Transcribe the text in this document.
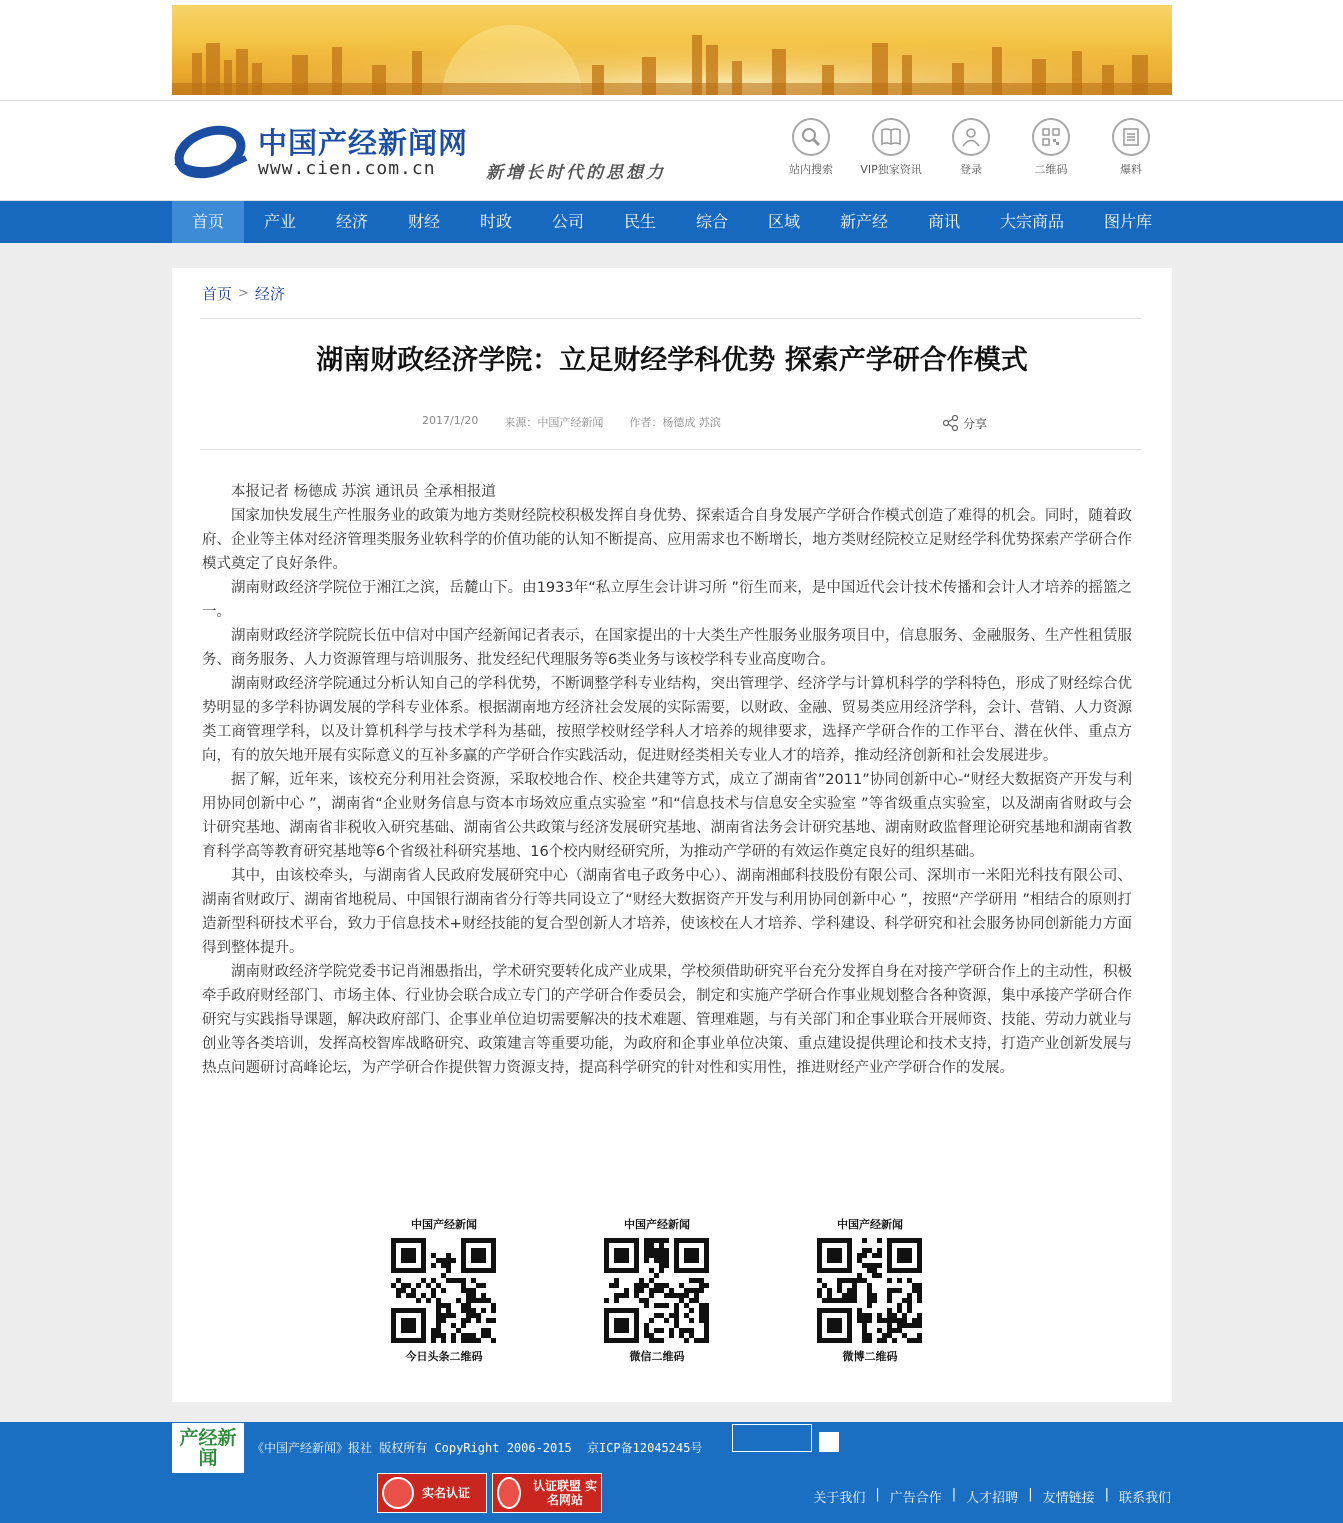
中国产经新闻网
www.cien.com.cn	新增长时代的思想力	站内搜索	VIP独家资讯	登录	二维码	爆料
首页	产业	经济	财经	时政	公司	民生	综合	区域	新产经	商讯	大宗商品	图片库
首页 > 经济
湖南财政经济学院：立足财经学科优势 探索产学研合作模式
2017/1/20 来源：中国产经新闻 作者：杨德成 苏滨	分享

本报记者 杨德成 苏滨 通讯员 全承相报道

国家加快发展生产性服务业的政策为地方类财经院校积极发挥自身优势、探索适合自身发展产学研合作模式创造了难得的机会。同时，随着政府、企业等主体对经济管理类服务业软科学的价值功能的认知不断提高、应用需求也不断增长，地方类财经院校立足财经学科优势探索产学研合作模式奠定了良好条件。

湖南财政经济学院位于湘江之滨，岳麓山下。由1933年“私立厚生会计讲习所 ”衍生而来，是中国近代会计技术传播和会计人才培养的摇篮之一。

湖南财政经济学院院长伍中信对中国产经新闻记者表示，在国家提出的十大类生产性服务业服务项目中，信息服务、金融服务、生产性租赁服务、商务服务、人力资源管理与培训服务、批发经纪代理服务等6类业务与该校学科专业高度吻合。

湖南财政经济学院通过分析认知自己的学科优势，不断调整学科专业结构，突出管理学、经济学与计算机科学的学科特色，形成了财经综合优势明显的多学科协调发展的学科专业体系。根据湖南地方经济社会发展的实际需要，以财政、金融、贸易类应用经济学科，会计、营销、人力资源类工商管理学科，以及计算机科学与技术学科为基础，按照学校财经学科人才培养的规律要求，选择产学研合作的工作平台、潜在伙伴、重点方向，有的放矢地开展有实际意义的互补多赢的产学研合作实践活动，促进财经类相关专业人才的培养，推动经济创新和社会发展进步。

据了解，近年来，该校充分利用社会资源，采取校地合作、校企共建等方式，成立了湖南省”2011”协同创新中心-“财经大数据资产开发与利用协同创新中心 ”，湖南省“企业财务信息与资本市场效应重点实验室 ”和“信息技术与信息安全实验室 ”等省级重点实验室，以及湖南省财政与会计研究基地、湖南省非税收入研究基础、湖南省公共政策与经济发展研究基地、湖南省法务会计研究基地、湖南财政监督理论研究基地和湖南省教育科学高等教育研究基地等6个省级社科研究基地、16个校内财经研究所，为推动产学研的有效运作奠定良好的组织基础。

其中，由该校牵头，与湖南省人民政府发展研究中心（湖南省电子政务中心）、湖南湘邮科技股份有限公司、深圳市一米阳光科技有限公司、湖南省财政厅、湖南省地税局、中国银行湖南省分行等共同设立了“财经大数据资产开发与利用协同创新中心 ”，按照“产学研用 ”相结合的原则打造新型科研技术平台，致力于信息技术+财经技能的复合型创新人才培养，使该校在人才培养、学科建设、科学研究和社会服务协同创新能力方面得到整体提升。

湖南财政经济学院党委书记肖湘愚指出，学术研究要转化成产业成果，学校须借助研究平台充分发挥自身在对接产学研合作上的主动性，积极牵手政府财经部门、市场主体、行业协会联合成立专门的产学研合作委员会，制定和实施产学研合作事业规划整合各种资源，集中承接产学研合作研究与实践指导课题，解决政府部门、企事业单位迫切需要解决的技术难题、管理难题，与有关部门和企事业联合开展师资、技能、劳动力就业与创业等各类培训，发挥高校智库战略研究、政策建言等重要功能，为政府和企事业单位决策、重点建设提供理论和技术支持，打造产业创新发展与热点问题研讨高峰论坛，为产学研合作提供智力资源支持，提高科学研究的针对性和实用性，推进财经产业产学研合作的发展。

中国产经新闻
今日头条二维码
中国产经新闻
微信二维码
中国产经新闻
微博二维码
产经新闻	《中国产经新闻》报社 版权所有 CopyRight 2006-2015 京ICP备12045245号
实名认证	认证联盟 实名网站	关于我们 | 广告合作 | 人才招聘 | 友情链接 | 联系我们
